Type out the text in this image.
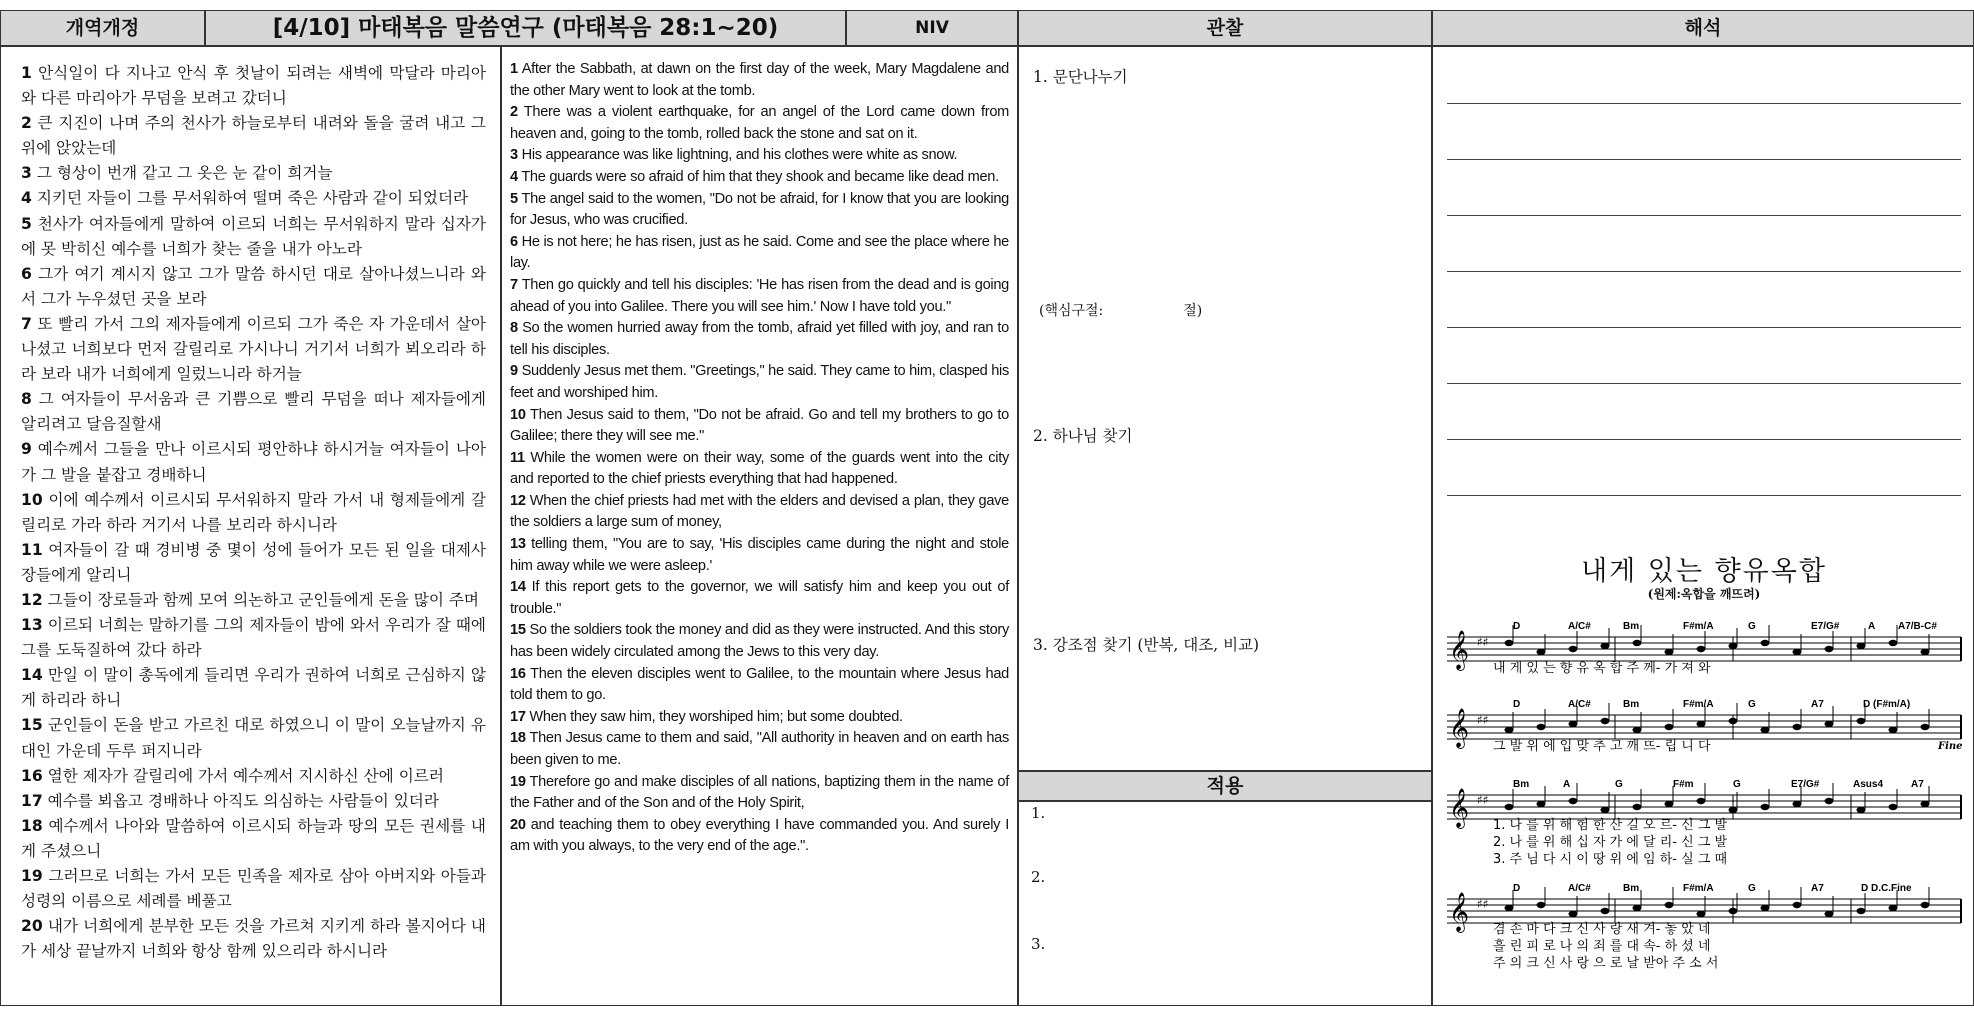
개역개정	[4/10] 마태복음 말씀연구 (마태복음 28:1~20)	NIV	관찰	해석

1 안식일이 다 지나고 안식 후 첫날이 되려는 새벽에 막달라 마리아와 다른 마리아가 무덤을 보려고 갔더니

2 큰 지진이 나며 주의 천사가 하늘로부터 내려와 돌을 굴려 내고 그 위에 앉았는데

3 그 형상이 번개 같고 그 옷은 눈 같이 희거늘

4 지키던 자들이 그를 무서워하여 떨며 죽은 사람과 같이 되었더라

5 천사가 여자들에게 말하여 이르되 너희는 무서워하지 말라 십자가에 못 박히신 예수를 너희가 찾는 줄을 내가 아노라

6 그가 여기 계시지 않고 그가 말씀 하시던 대로 살아나셨느니라 와서 그가 누우셨던 곳을 보라

7 또 빨리 가서 그의 제자들에게 이르되 그가 죽은 자 가운데서 살아나셨고 너희보다 먼저 갈릴리로 가시나니 거기서 너희가 뵈오리라 하라 보라 내가 너희에게 일렀느니라 하거늘

8 그 여자들이 무서움과 큰 기쁨으로 빨리 무덤을 떠나 제자들에게 알리려고 달음질할새

9 예수께서 그들을 만나 이르시되 평안하냐 하시거늘 여자들이 나아가 그 발을 붙잡고 경배하니

10 이에 예수께서 이르시되 무서워하지 말라 가서 내 형제들에게 갈릴리로 가라 하라 거기서 나를 보리라 하시니라

11 여자들이 갈 때 경비병 중 몇이 성에 들어가 모든 된 일을 대제사장들에게 알리니

12 그들이 장로들과 함께 모여 의논하고 군인들에게 돈을 많이 주며

13 이르되 너희는 말하기를 그의 제자들이 밤에 와서 우리가 잘 때에 그를 도둑질하여 갔다 하라

14 만일 이 말이 총독에게 들리면 우리가 권하여 너희로 근심하지 않게 하리라 하니

15 군인들이 돈을 받고 가르친 대로 하였으니 이 말이 오늘날까지 유대인 가운데 두루 퍼지니라

16 열한 제자가 갈릴리에 가서 예수께서 지시하신 산에 이르러

17 예수를 뵈옵고 경배하나 아직도 의심하는 사람들이 있더라

18 예수께서 나아와 말씀하여 이르시되 하늘과 땅의 모든 권세를 내게 주셨으니

19 그러므로 너희는 가서 모든 민족을 제자로 삼아 아버지와 아들과 성령의 이름으로 세례를 베풀고

20 내가 너희에게 분부한 모든 것을 가르쳐 지키게 하라 볼지어다 내가 세상 끝날까지 너희와 항상 함께 있으리라 하시니라

1 After the Sabbath, at dawn on the first day of the week, Mary Magdalene and the other Mary went to look at the tomb.

2 There was a violent earthquake, for an angel of the Lord came down from heaven and, going to the tomb, rolled back the stone and sat on it.

3 His appearance was like lightning, and his clothes were white as snow.

4 The guards were so afraid of him that they shook and became like dead men.

5 The angel said to the women, "Do not be afraid, for I know that you are looking for Jesus, who was crucified.

6 He is not here; he has risen, just as he said. Come and see the place where he lay.

7 Then go quickly and tell his disciples: 'He has risen from the dead and is going ahead of you into Galilee. There you will see him.' Now I have told you."

8 So the women hurried away from the tomb, afraid yet filled with joy, and ran to tell his disciples.

9 Suddenly Jesus met them. "Greetings," he said. They came to him, clasped his feet and worshiped him.

10 Then Jesus said to them, "Do not be afraid. Go and tell my brothers to go to Galilee; there they will see me."

11 While the women were on their way, some of the guards went into the city and reported to the chief priests everything that had happened.

12 When the chief priests had met with the elders and devised a plan, they gave the soldiers a large sum of money,

13 telling them, "You are to say, 'His disciples came during the night and stole him away while we were asleep.'

14 If this report gets to the governor, we will satisfy him and keep you out of trouble."

15 So the soldiers took the money and did as they were instructed. And this story has been widely circulated among the Jews to this very day.

16 Then the eleven disciples went to Galilee, to the mountain where Jesus had told them to go.

17 When they saw him, they worshiped him; but some doubted.

18 Then Jesus came to them and said, "All authority in heaven and on earth has been given to me.

19 Therefore go and make disciples of all nations, baptizing them in the name of the Father and of the Son and of the Holy Spirit,

20 and teaching them to obey everything I have commanded you. And surely I am with you always, to the very end of the age.".

1. 문단나누기
(핵심구절:	절)
2. 하나님 찾기
3. 강조점 찾기 (반복, 대조, 비교)
적용
1.
2.
3.
내게 있는 향유옥합
(원제:옥합을 깨뜨려)
𝄞 ♯♯
D	A/C#	Bm	F#m/A	G	E7/G#	A A7/B-C#
내 게 있 는 향 유 옥 합 주 께- 가 져 와
𝄞 ♯♯
D	A/C#	Bm	F#m/A	G	A7	D (F#m/A)
그 발 위 에 입 맞 추 고 깨 뜨- 립 니 다
𝄞 ♯♯
Bm	A	G	F#m	G	E7/G#	Asus4	A7
1. 나 를 위 해 험 한 산 길 오 르- 신 그 발
2. 나 를 위 해 십 자 가 에 달 리- 신 그 발
3. 주 님 다 시 이 땅 위 에 임 하- 실 그 때
𝄞 ♯♯
D	A/C#	Bm	F#m/A	G	A7	D D.C.Fine
겸 손 마 다 크 신 사 랑 새 겨- 놓 았 네
흘 린 피 로 나 의 죄 를 대 속- 하 셨 네
주 의 크 신 사 랑 으 로 날 받아 주 소 서
Fine
